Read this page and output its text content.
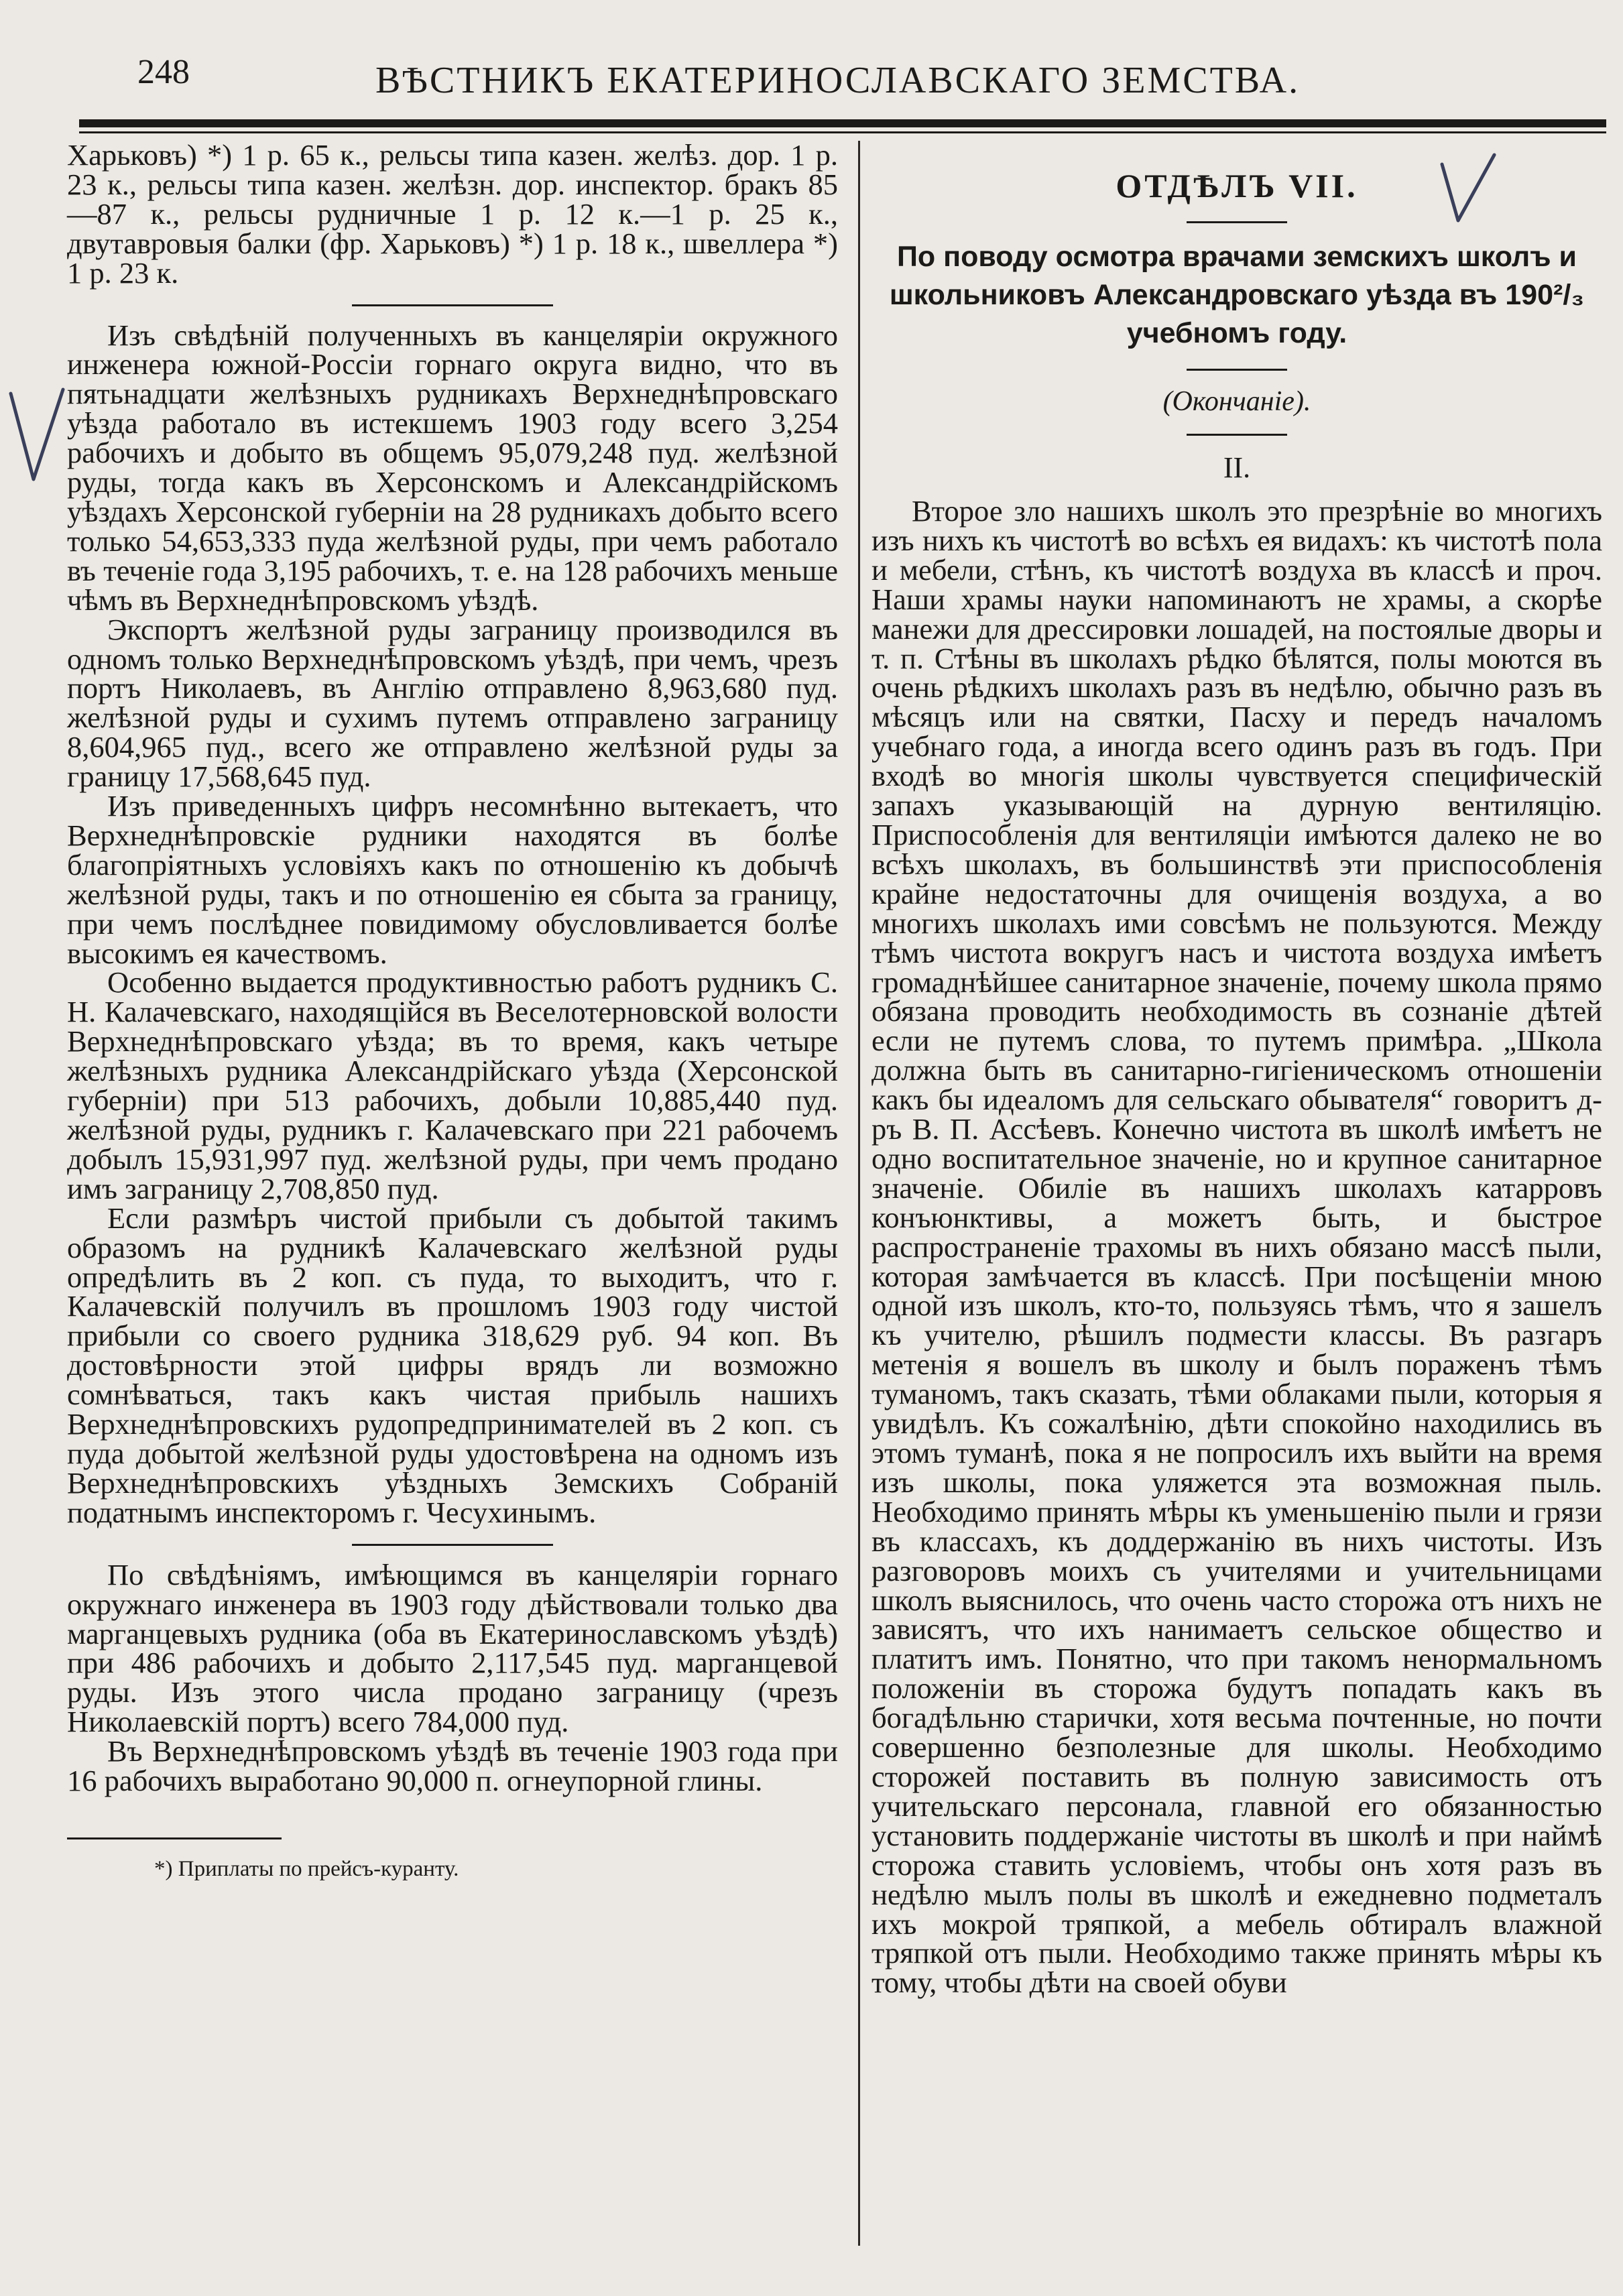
248	ВѢСТНИКЪ ЕКАТЕРИНОСЛАВСКАГО ЗЕМСТВА.

Харьковъ) *) 1 р. 65 к., рельсы типа казен. желѣз. дор. 1 р. 23 к., рельсы типа казен. желѣзн. дор. инспектор. бракъ 85—87 к., рельсы рудничные 1 р. 12 к.—1 р. 25 к., двутавровыя балки (фр. Харьковъ) *) 1 р. 18 к., швеллера *) 1 р. 23 к.

Изъ свѣдѣній полученныхъ въ канцеляріи окружного инженера южной-Россіи горнаго округа видно, что въ пятьнадцати желѣзныхъ рудникахъ Верхнеднѣпровскаго уѣзда работало въ истекшемъ 1903 году всего 3,254 рабочихъ и добыто въ общемъ 95,079,248 пуд. желѣзной руды, тогда какъ въ Херсонскомъ и Александрійскомъ уѣздахъ Херсонской губерніи на 28 рудникахъ добыто всего только 54,653,333 пуда желѣзной руды, при чемъ работало въ теченіе года 3,195 рабочихъ, т. е. на 128 рабочихъ меньше чѣмъ въ Верхнеднѣпровскомъ уѣздѣ.

Экспортъ желѣзной руды заграницу производился въ одномъ только Верхнеднѣпровскомъ уѣздѣ, при чемъ, чрезъ портъ Николаевъ, въ Англію отправлено 8,963,680 пуд. желѣзной руды и сухимъ путемъ отправлено заграницу 8,604,965 пуд., всего же отправлено желѣзной руды за границу 17,568,645 пуд.

Изъ приведенныхъ цифръ несомнѣнно вытекаетъ, что Верхнеднѣпровскіе рудники находятся въ болѣе благопріятныхъ условіяхъ какъ по отношенію къ добычѣ желѣзной руды, такъ и по отношенію ея сбыта за границу, при чемъ послѣднее повидимому обусловливается болѣе высокимъ ея качествомъ.

Особенно выдается продуктивностью работъ рудникъ С. Н. Калачевскаго, находящійся въ Веселотерновской волости Верхнеднѣпровскаго уѣзда; въ то время, какъ четыре желѣзныхъ рудника Александрійскаго уѣзда (Херсонской губерніи) при 513 рабочихъ, добыли 10,885,440 пуд. желѣзной руды, рудникъ г. Калачевскаго при 221 рабочемъ добылъ 15,931,997 пуд. желѣзной руды, при чемъ продано имъ заграницу 2,708,850 пуд.

Если размѣръ чистой прибыли съ добытой такимъ образомъ на рудникѣ Калачевскаго желѣзной руды опредѣлить въ 2 коп. съ пуда, то выходитъ, что г. Калачевскій получилъ въ прошломъ 1903 году чистой прибыли со своего рудника 318,629 руб. 94 коп. Въ достовѣрности этой цифры врядъ ли возможно сомнѣваться, такъ какъ чистая прибыль нашихъ Верхнеднѣпровскихъ рудопредпринимателей въ 2 коп. съ пуда добытой желѣзной руды удостовѣрена на одномъ изъ Верхнеднѣпровскихъ уѣздныхъ Земскихъ Собраній податнымъ инспекторомъ г. Чесухинымъ.

По свѣдѣніямъ, имѣющимся въ канцеляріи горнаго окружнаго инженера въ 1903 году дѣйствовали только два марганцевыхъ рудника (оба въ Екатеринославскомъ уѣздѣ) при 486 рабочихъ и добыто 2,117,545 пуд. марганцевой руды. Изъ этого числа продано заграницу (чрезъ Николаевскій портъ) всего 784,000 пуд.

Въ Верхнеднѣпровскомъ уѣздѣ въ теченіе 1903 года при 16 рабочихъ выработано 90,000 п. огнеупорной глины.

*) Приплаты по прейсъ-куранту.

ОТДѢЛЪ VII.
По поводу осмотра врачами земскихъ школъ и школьниковъ Александровскаго уѣзда въ 190²/₃ учебномъ году.
(Окончаніе).
II.

Второе зло нашихъ школъ это презрѣніе во многихъ изъ нихъ къ чистотѣ во всѣхъ ея видахъ: къ чистотѣ пола и мебели, стѣнъ, къ чистотѣ воздуха въ классѣ и проч. Наши храмы науки напоминаютъ не храмы, а скорѣе манежи для дрессировки лошадей, на постоялые дворы и т. п. Стѣны въ школахъ рѣдко бѣлятся, полы моются въ очень рѣдкихъ школахъ разъ въ недѣлю, обычно разъ въ мѣсяцъ или на святки, Пасху и передъ началомъ учебнаго года, а иногда всего одинъ разъ въ годъ. При входѣ во многія школы чувствуется специфическій запахъ указывающій на дурную вентиляцію. Приспособленія для вентиляціи имѣются далеко не во всѣхъ школахъ, въ большинствѣ эти приспособленія крайне недостаточны для очищенія воздуха, а во многихъ школахъ ими совсѣмъ не пользуются. Между тѣмъ чистота вокругъ насъ и чистота воздуха имѣетъ громаднѣйшее санитарное значеніе, почему школа прямо обязана проводить необходимость въ сознаніе дѣтей если не путемъ слова, то путемъ примѣра. „Школа должна быть въ санитарно-гигіеническомъ отношеніи какъ бы идеаломъ для сельскаго обывателя“ говоритъ д-ръ В. П. Асcѣевъ. Конечно чистота въ школѣ имѣетъ не одно воспитательное значеніе, но и крупное санитарное значеніе. Обиліе въ нашихъ школахъ катарровъ конъюнктивы, а можетъ быть, и быстрое распространеніе трахомы въ нихъ обязано массѣ пыли, которая замѣчается въ классѣ. При посѣщеніи мною одной изъ школъ, кто-то, пользуясь тѣмъ, что я зашелъ къ учителю, рѣшилъ подмести классы. Въ разгаръ метенія я вошелъ въ школу и былъ пораженъ тѣмъ туманомъ, такъ сказать, тѣми облаками пыли, которыя я увидѣлъ. Къ сожалѣнію, дѣти спокойно находились въ этомъ туманѣ, пока я не попросилъ ихъ выйти на время изъ школы, пока уляжется эта возможная пыль. Необходимо принять мѣры къ уменьшенію пыли и грязи въ классахъ, къ доддержанію въ нихъ чистоты. Изъ разговоровъ моихъ съ учителями и учительницами школъ выяснилось, что очень часто сторожа отъ нихъ не зависятъ, что ихъ нанимаетъ сельское общество и платитъ имъ. Понятно, что при такомъ ненормальномъ положеніи въ сторожа будутъ попадать какъ въ богадѣльню старички, хотя весьма почтенные, но почти совершенно безполезные для школы. Необходимо сторожей поставить въ полную зависимость отъ учительскаго персонала, главной его обязанностью установить поддержаніе чистоты въ школѣ и при наймѣ сторожа ставить условіемъ, чтобы онъ хотя разъ въ недѣлю мылъ полы въ школѣ и ежедневно подметалъ ихъ мокрой тряпкой, а мебель обтиралъ влажной тряпкой отъ пыли. Необходимо также принять мѣры къ тому, чтобы дѣти на своей обуви
